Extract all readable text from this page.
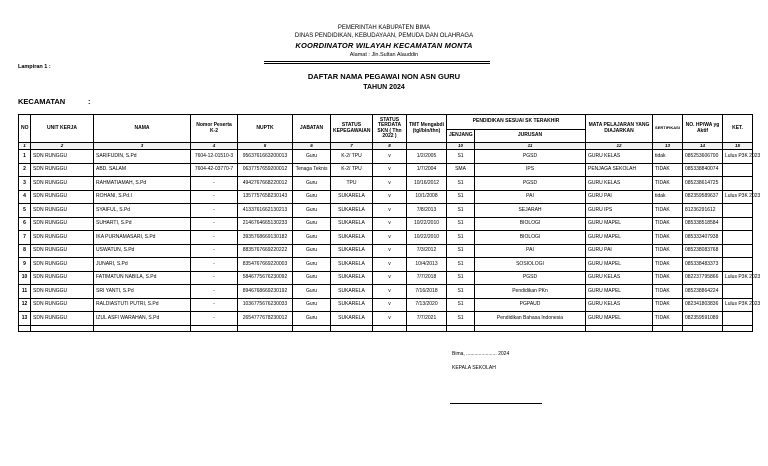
PEMERINTAH KABUPATEN BIMA
DINAS PENDIDIKAN, KEBUDAYAAN, PEMUDA DAN OLAHRAGA
KOORDINATOR WILAYAH KECAMATAN MONTA
Alamat : Jln.Sultan Alauddin
Lampiran 1 :
DAFTAR NAMA PEGAWAI NON ASN GURU
TAHUN 2024
KECAMATAN	:
NO	UNIT KERJA	NAMA	Nomor Peserta K-2	NUPTK	JABATAN	STATUS KEPEGAWAIAN	STATUS TERDATA SKN ( Thn 2022 )	TMT Mengabdi (tgl/bln/thn)	PENDIDIKAN SESUAI SK TERAKHIR		MATA PELAJARAN YANG DIAJARKAN	SERTIFIKASI	NO. HP/WA yg Aktif	KET.
									JENJANG	JURUSAN				
1	2	3	4	5	6	7	8		10	11	12	13	14	15
1	SDN RUNGGU	SARIFUDIN, S.Pd	7604-12-01510-3	9563761663200013	Guru	K-2/ TPU	v	1/2/2005	S1	PGSD	GURU KELAS	tidak	085253606700	Lulus P3K 2023
2	SDN RUNGGU	ABD. SALAM	7604-42-03770-7	0637757659200012	Tenaga Teknis	K-2/ TPU	v	1/7/2004	SMA	IPS	PENJAGA SEKOLAH	TIDAK	085338840074	
3	SDN RUNGGU	RAHMATIAMAH, S.Pd	-	4942767668220012	Guru	TPU	v	10/16/2012	S1	PGSD	GURU KELAS	TIDAK	085238614725	
4	SDN RUNGGU	ROHANI, S.Pd.I	-	1357757658230143	Guru	SUKARELA	v	10/1/2008	S1	PAI	GURU PAI	tidak	082359589637	Lulus P3K 2023
5	SDN RUNGGU	SYAIFUL, S.Pd	-	4133761662130213	Guru	SUKARELA	v	7/8/2013	S1	SEJARAH	GURU IPS	TIDAK	81236291612	
6	SDN RUNGGU	SUHARTI, S.Pd	-	2146764665130233	Guru	SUKARELA	v	10/22/2010	S1	BIOLOGI	GURU MAPEL	TIDAK	085338518584	
7	SDN RUNGGU	IKA PURNAMASARI, S.Pd	-	3935768669130182	Guru	SUKARELA	v	10/22/2010	S1	BIOLOGI	GURU MAPEL	TIDAK	085333407938	
8	SDN RUNGGU	USWATUN, S.Pd	-	8835767669220222	Guru	SUKARELA	v	7/3/2012	S1	PAI	GURU PAI	TIDAK	085238083768	
9	SDN RUNGGU	JUNARI, S.Pd	-	8354767669220003	Guru	SUKARELA	v	10/4/2013	S1	SOSIOLOGI	GURU MAPEL	TIDAK	085338483373	
10	SDN RUNGGU	FATIMATUN NABILA, S.Pd	-	5846775676230092	Guru	SUKARELA	v	7/7/2018	S1	PGSD	GURU KELAS	TIDAK	082237795866	Lulus P3K 2023
11	SDN RUNGGU	SRI YANTI, S.Pd	-	8946768669230192	Guru	SUKARELA	v	7/16/2018	S1	Pendidikan PKn	GURU MAPEL	TIDAK	085238864224	
12	SDN RUNGGU	RALDIASTUTI PUTRI, S.Pd	-	1036775676230033	Guru	SUKARELA	v	7/13/2020	S1	PGPAUD	GURU KELAS	TIDAK	082341803836	Lulus P3K 2023
13	SDN RUNGGU	IZUL ASFI WARAHAN, S.Pd	-	2654777678230012	Guru	SUKARELA	v	7/7/2021	S1	Pendidikan Bahasa Indonesia	GURU MAPEL	TIDAK	082359591089	

Bima, ...................... 2024
KEPALA SEKOLAH
